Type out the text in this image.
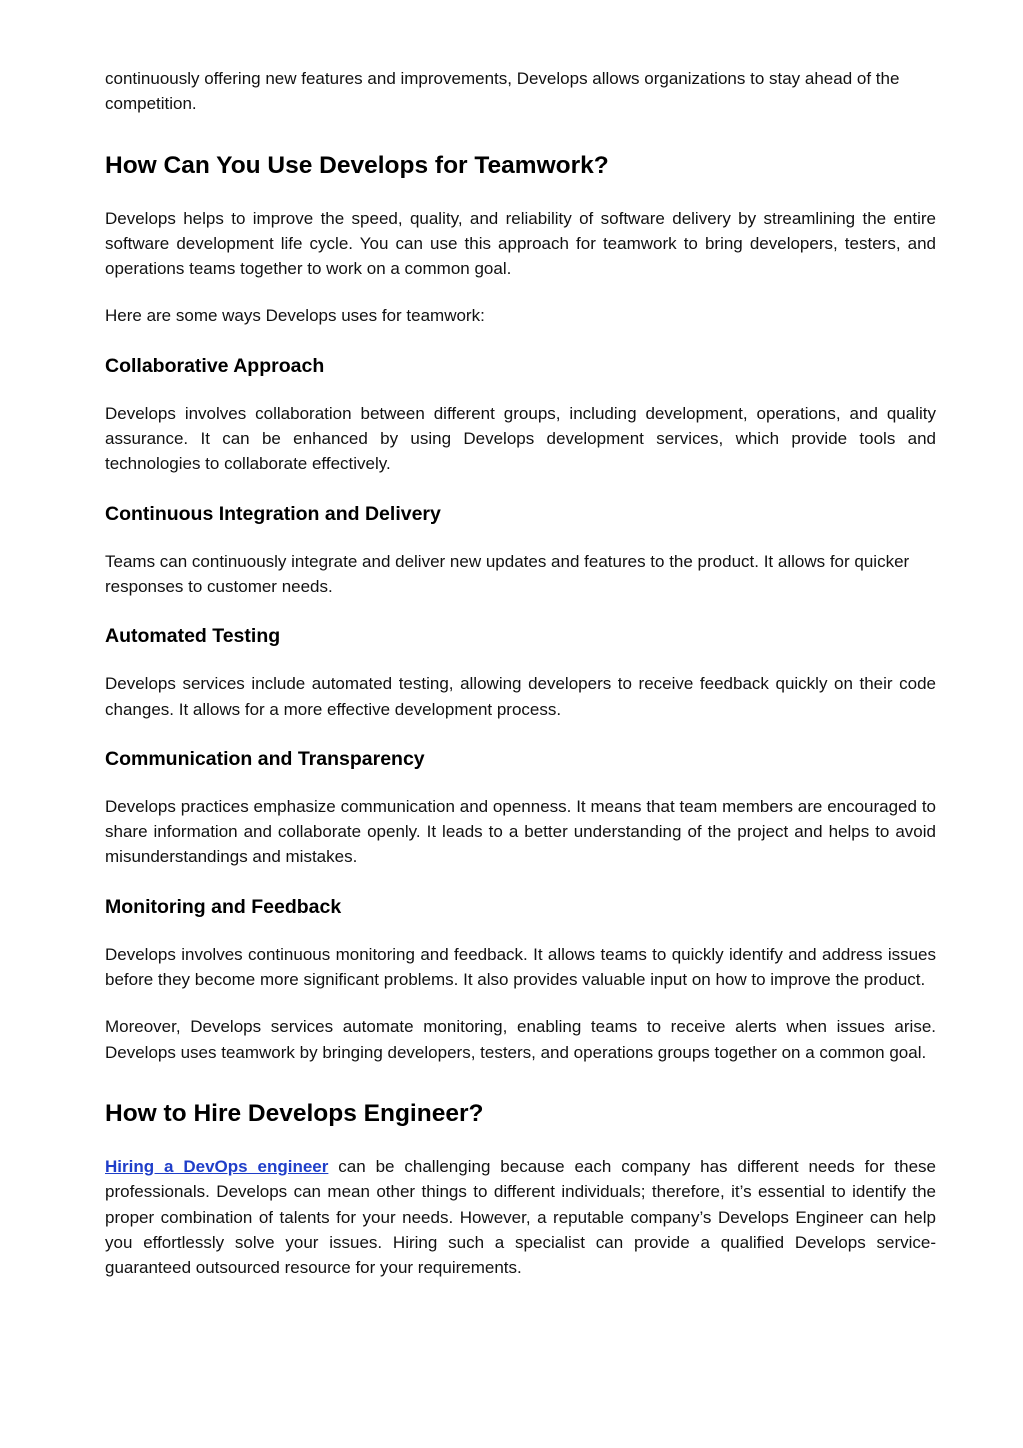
continuously offering new features and improvements, Develops allows organizations to stay ahead of the competition.

How Can You Use Develops for Teamwork?

Develops helps to improve the speed, quality, and reliability of software delivery by streamlining the entire software development life cycle. You can use this approach for teamwork to bring developers, testers, and operations teams together to work on a common goal.

Here are some ways Develops uses for teamwork:

Collaborative Approach

Develops involves collaboration between different groups, including development, operations, and quality assurance. It can be enhanced by using Develops development services, which provide tools and technologies to collaborate effectively.

Continuous Integration and Delivery

Teams can continuously integrate and deliver new updates and features to the product. It allows for quicker responses to customer needs.

Automated Testing

Develops services include automated testing, allowing developers to receive feedback quickly on their code changes. It allows for a more effective development process.

Communication and Transparency

Develops practices emphasize communication and openness. It means that team members are encouraged to share information and collaborate openly. It leads to a better understanding of the project and helps to avoid misunderstandings and mistakes.

Monitoring and Feedback

Develops involves continuous monitoring and feedback. It allows teams to quickly identify and address issues before they become more significant problems. It also provides valuable input on how to improve the product.

Moreover, Develops services automate monitoring, enabling teams to receive alerts when issues arise. Develops uses teamwork by bringing developers, testers, and operations groups together on a common goal.

How to Hire Develops Engineer?

Hiring a DevOps engineer can be challenging because each company has different needs for these professionals. Develops can mean other things to different individuals; therefore, it’s essential to identify the proper combination of talents for your needs. However, a reputable company’s Develops Engineer can help you effortlessly solve your issues. Hiring such a specialist can provide a qualified Develops service-guaranteed outsourced resource for your requirements.
